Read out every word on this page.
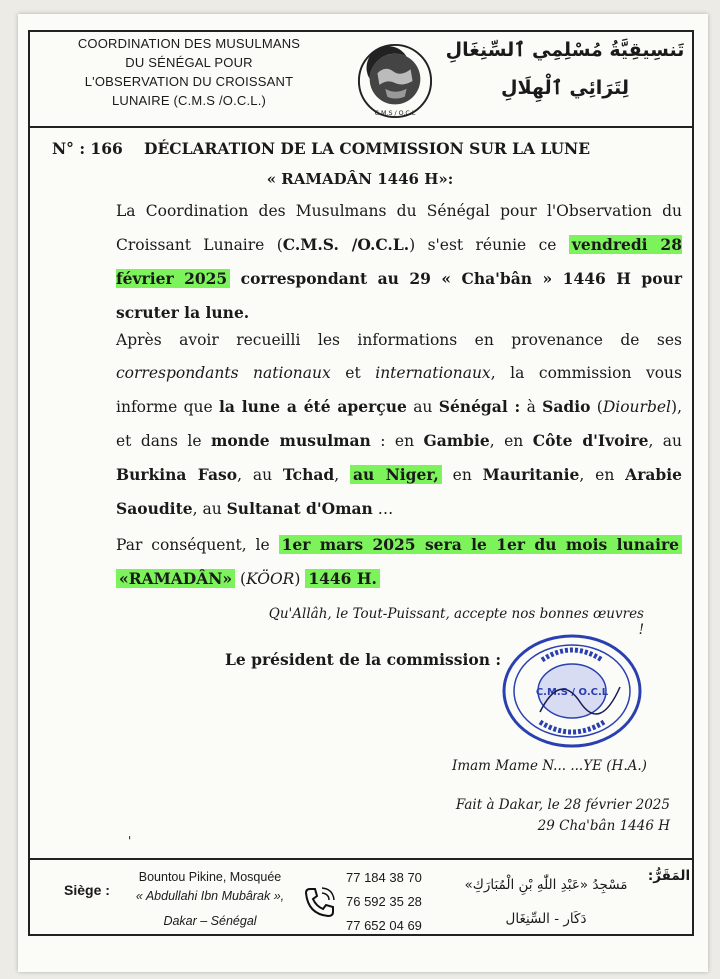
COORDINATION DES MUSULMANS
DU SÉNÉGAL POUR
L'OBSERVATION DU CROISSANT
LUNAIRE (C.M.S /O.C.L.)
C.M.S / O.C.L
تَنسِيقِيَّةُ مُسْلِمِي ٱلسِّنِغَالِ
لِتَرَائِي ٱلْهِلَالِ
N° : 166 DÉCLARATION DE LA COMMISSION SUR LA LUNE
« RAMADÂN 1446 H»:
La Coordination des Musulmans du Sénégal pour l'Observation du Croissant Lunaire (C.M.S. /O.C.L.) s'est réunie ce vendredi 28 février 2025 correspondant au 29 « Cha'bân » 1446 H pour scruter la lune.
Après avoir recueilli les informations en provenance de ses correspondants nationaux et internationaux, la commission vous informe que la lune a été aperçue au Sénégal : à Sadio (Diourbel), et dans le monde musulman : en Gambie, en Côte d'Ivoire, au Burkina Faso, au Tchad, au Niger, en Mauritanie, en Arabie Saoudite, au Sultanat d'Oman …
Par conséquent, le 1er mars 2025 sera le 1er du mois lunaire «RAMADÂN» (KÖOR) 1446 H.
Qu'Allâh, le Tout-Puissant, accepte nos bonnes œuvres !
Le président de la commission :
C.M.S / O.C.L
Imam Mame N... ...YE (H.A.)
Fait à Dakar, le 28 février 2025
29 Cha'bân 1446 H
'
Siège :
Bountou Pikine, Mosquée
« Abdullahi Ibn Mubârak »,
Dakar – Sénégal
77 184 38 70
76 592 35 28
77 652 04 69
مَسْجِدُ «عَبْدِ اللّٰهِ بْنِ الْمُبَارَكِ»
دَكَار - السِّنِغَال
المَقَرُّ:
